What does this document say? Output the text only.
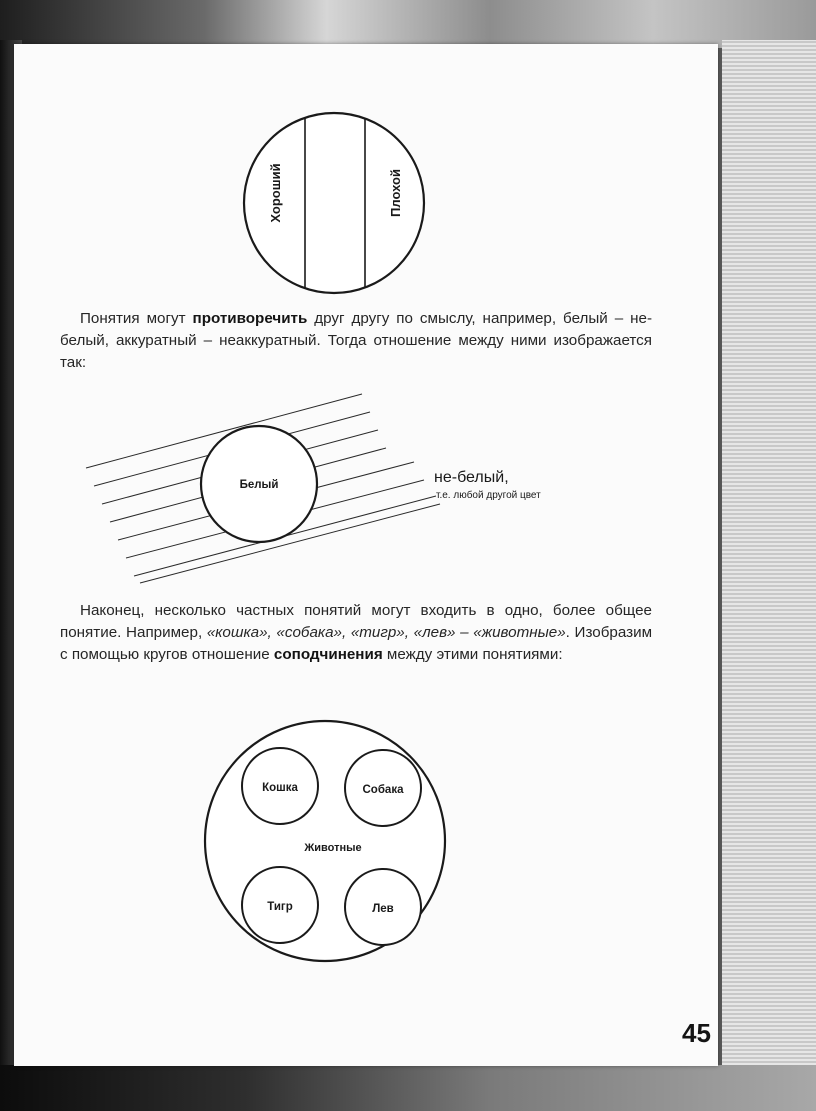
Хороший	Плохой

Понятия могут противоречить друг другу по смыслу, например, белый – не-белый, аккуратный – неаккуратный. Тогда отношение между ними изображается так:

Белый	не-белый,
т.е. любой другой цвет

Наконец, несколько частных понятий могут входить в одно, более общее понятие. Например, «кошка», «собака», «тигр», «лев» – «животные». Изобразим с помощью кругов отношение соподчинения между этими понятиями:

Животные
Кошка	Собака
Тигр	Лев
45
